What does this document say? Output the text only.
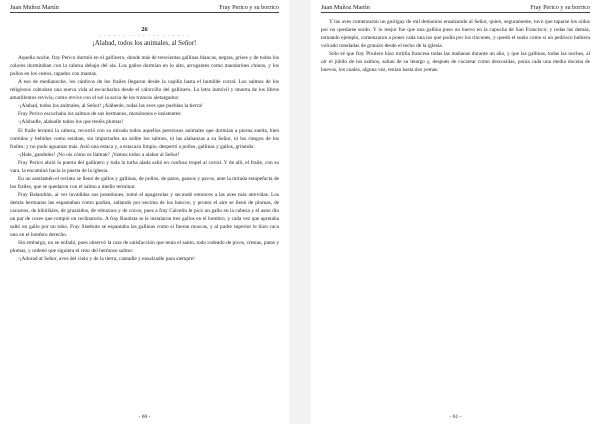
Juan Muñoz Martín	Fray Perico y su borrico
26
· · · · · · · · · · · · · · · · · · ·
¡Alabad, todos los animales, al Señor!

Aquella noche, fray Perico durmió en el gallinero, donde más de trescientas gallinas blancas, negras, grises y de todos los colores dormitaban con la cabeza debajo del ala. Los gallos dormían en lo alto, arrogantes como mandarines chinos, y los pollos en los cestos, tapados con mantas.

A eso de medianoche, los cánticos de los frailes llegaron desde la capilla hasta el humilde corral. Los salmos de los religiosos cobraban una nueva vida al escucharlos desde el calorcillo del gallinero. La letra inmóvil y muerta de los libros amarillentos revivía, como revive con el sol la savia de los troncos aletargados:

-¡Alabad, todos los animales, al Señor! ¡Alábenle, todas las aves que pueblan la tierra!

Fray Perico escuchaba los salmos de sus hermanos, monótonos e insistentes:

-¡Alabadle, alabadle todos los que tenéis plumas!

El fraile levantó la cabeza, recorrió con su mirada todos aquellos perezosos animales que dormían a pierna suelta, bien comidos y bebidos como estaban, sin importarles un ardite los salmos, ni las alabanzas a su Señor, ni los riesgos de los frailes; y no pudo aguantar más. Asió una estaca y, a estacazo limpio, despertó a pollos, gallinas y gallos, gritando:

-¡Hale, gandules! ¡No oís cómo os llaman? ¡Vamos todos a alabar al Señor!

Fray Perico abrió la puerta del gallinero y toda la turba alada salió en confuso tropel al corral. Y de allí, el fraile, con su vara, la encaminó hacia la puerta de la iglesia.

En un santiamén el recinto se llenó de gallos y gallinas, de pollos, de patos, gansos y pavos, ante la mirada estupefacta de los frailes, que se quedaron con el salmo a medio terminar.

Fray Balandrán, al ver invadidas sus posesiones, tomó el apagavelas y secundó entonces a las aves más atrevidas. Los demás hermanos las espantaban como podían, saltando por encima de los bancos, y pronto el aire se llenó de plumas, de cacareos, de kikirikíes, de graznidos, de rebuznos y de cocos; pues a fray Calcetín le picó un gallo en la cabeza y el asno dio un par de coces que rompió un reclinatorio. A fray Bautista se le instalaron tres gallos en el hombro, y cada vez que apretaba saltó un gallo por un tubo. Fray Sisebuto se espantaba las gallinas como si fueran moscas, y al padre superior le hizo caca uno en el hombro derecho.

Sin embargo, no se enfadó, pues observó la cara de satisfacción que tenía el santo, todo rodeado de picos, crestas, patas y plumas, y ordenó que siguiera el rezo del hermoso salmo:

-¡Adorad al Señor, aves del cielo y de la tierra, cantadle y ensalzadle para siempre!

- 60 -
Juan Muñoz Martín	Fray Perico y su borrico

Y las aves comenzaron un guirigay de mil demonios ensalzando al Señor, quien, seguramente, tuvo que taparse los oídos por no quedarse sordo. Y lo mejor fue que una gallina puso un huevo en la capucha de San Francisco; y todas las demás, tomando ejemplo, comenzaron a poner cada una los que podía por los rincones, y quedó el suelo como si un pedrisco hubiera volcado toneladas de granizo desde el techo de la iglesia.

Sólo sé que fray Pirulero hizo tortilla francesa todas las mañanas durante un año, y que las gallinas, todas las noches, al oír el júbilo de los salmos, saltan de su letargo y, después de cacarear como descosidas, ponía cada una media docena de huevos, los cuales, alguna vez, tenían hasta dos yemas.

- 61 -
